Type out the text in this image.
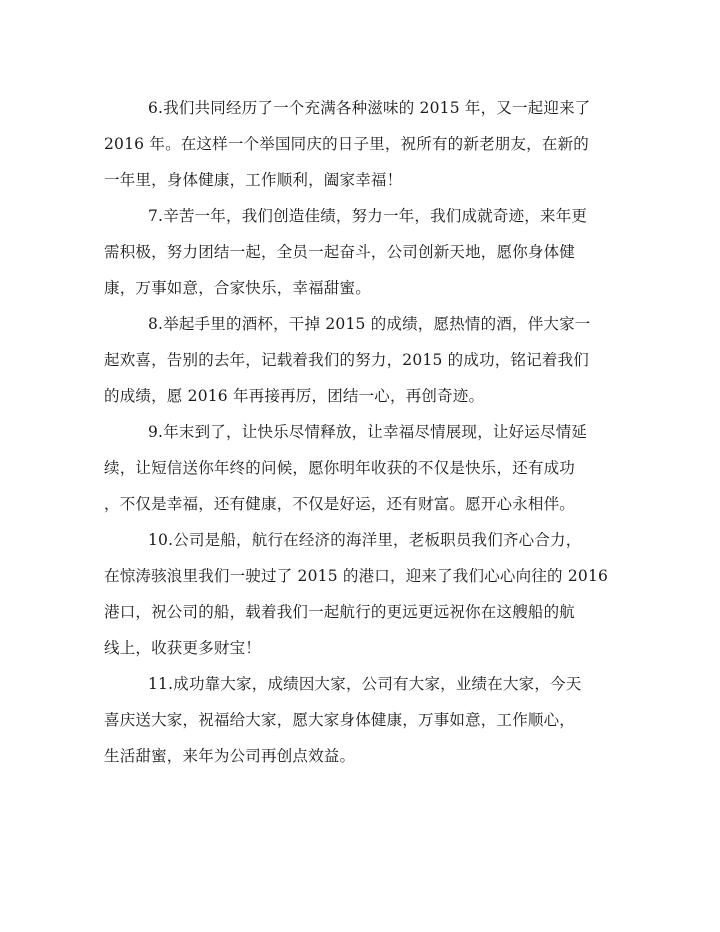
6.我们共同经历了一个充满各种滋味的 2015 年，又一起迎来了
2016 年。在这样一个举国同庆的日子里，祝所有的新老朋友，在新的
一年里，身体健康，工作顺利，阖家幸福！

7.辛苦一年，我们创造佳绩，努力一年，我们成就奇迹，来年更
需积极，努力团结一起，全员一起奋斗，公司创新天地，愿你身体健
康，万事如意，合家快乐，幸福甜蜜。

8.举起手里的酒杯，干掉 2015 的成绩，愿热情的酒，伴大家一
起欢喜，告别的去年，记载着我们的努力，2015 的成功，铭记着我们
的成绩，愿 2016 年再接再厉，团结一心，再创奇迹。

9.年末到了，让快乐尽情释放，让幸福尽情展现，让好运尽情延
续，让短信送你年终的问候，愿你明年收获的不仅是快乐，还有成功
，不仅是幸福，还有健康，不仅是好运，还有财富。愿开心永相伴。

10.公司是船，航行在经济的海洋里，老板职员我们齐心合力，
在惊涛骇浪里我们一驶过了 2015 的港口，迎来了我们心心向往的 2016
港口，祝公司的船，载着我们一起航行的更远更远祝你在这艘船的航
线上，收获更多财宝！

11.成功靠大家，成绩因大家，公司有大家，业绩在大家，今天
喜庆送大家，祝福给大家，愿大家身体健康，万事如意，工作顺心，
生活甜蜜，来年为公司再创点效益。
